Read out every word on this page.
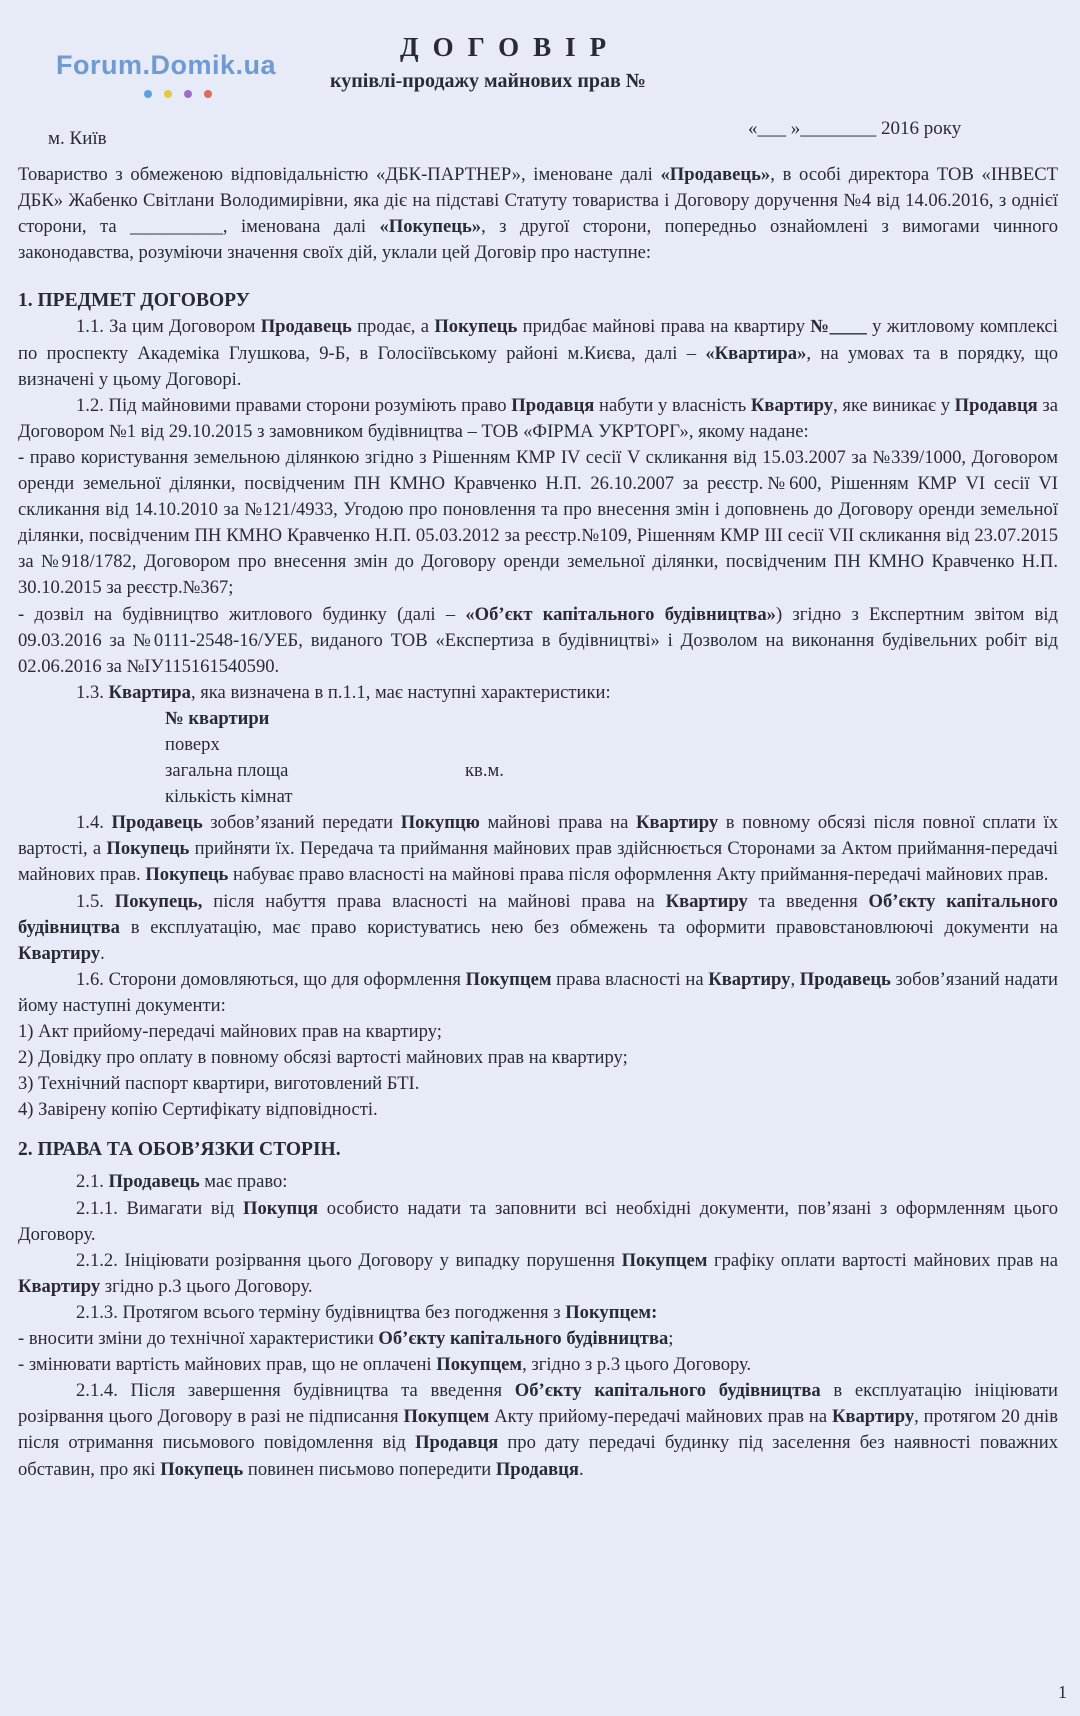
Forum.Domik.ua
ДОГОВІР
купівлі-продажу майнових прав №
м. Київ	«___ »________ 2016 року

Товариство з обмеженою відповідальністю «ДБК-ПАРТНЕР», іменоване далі «Продавець», в особі директора ТОВ «ІНВЕСТ ДБК» Жабенко Світлани Володимирівни, яка діє на підставі Статуту товариства і Договору доручення №4 від 14.06.2016, з однієї сторони, та __________, іменована далі «Покупець», з другої сторони, попередньо ознайомлені з вимогами чинного законодавства, розуміючи значення своїх дій, уклали цей Договір про наступне:

1. ПРЕДМЕТ ДОГОВОРУ

1.1. За цим Договором Продавець продає, а Покупець придбає майнові права на квартиру №____ у житловому комплексі по проспекту Академіка Глушкова, 9-Б, в Голосіївському районі м.Києва, далі – «Квартира», на умовах та в порядку, що визначені у цьому Договорі.

1.2. Під майновими правами сторони розуміють право Продавця набути у власність Квартиру, яке виникає у Продавця за Договором №1 від 29.10.2015 з замовником будівництва – ТОВ «ФІРМА УКРТОРГ», якому надане:

- право користування земельною ділянкою згідно з Рішенням КМР IV сесії V скликання від 15.03.2007 за №339/1000, Договором оренди земельної ділянки, посвідченим ПН КМНО Кравченко Н.П. 26.10.2007 за реєстр.№600, Рішенням КМР VI сесії VI скликання від 14.10.2010 за №121/4933, Угодою про поновлення та про внесення змін і доповнень до Договору оренди земельної ділянки, посвідченим ПН КМНО Кравченко Н.П. 05.03.2012 за реєстр.№109, Рішенням КМР III сесії VII скликання від 23.07.2015 за №918/1782, Договором про внесення змін до Договору оренди земельної ділянки, посвідченим ПН КМНО Кравченко Н.П. 30.10.2015 за реєстр.№367;

- дозвіл на будівництво житлового будинку (далі – «Об’єкт капітального будівництва») згідно з Експертним звітом від 09.03.2016 за №0111-2548-16/УЕБ, виданого ТОВ «Експертиза в будівництві» і Дозволом на виконання будівельних робіт від 02.06.2016 за №ІУ115161540590.

1.3. Квартира, яка визначена в п.1.1, має наступні характеристики:

№ квартири
поверх
загальна площа	кв.м.
кількість кімнат

1.4. Продавець зобов’язаний передати Покупцю майнові права на Квартиру в повному обсязі після повної сплати їх вартості, а Покупець прийняти їх. Передача та приймання майнових прав здійснюється Сторонами за Актом приймання-передачі майнових прав. Покупець набуває право власності на майнові права після оформлення Акту приймання-передачі майнових прав.

1.5. Покупець, після набуття права власності на майнові права на Квартиру та введення Об’єкту капітального будівництва в експлуатацію, має право користуватись нею без обмежень та оформити правовстановлюючі документи на Квартиру.

1.6. Сторони домовляються, що для оформлення Покупцем права власності на Квартиру, Продавець зобов’язаний надати йому наступні документи:

1) Акт прийому-передачі майнових прав на квартиру;

2) Довідку про оплату в повному обсязі вартості майнових прав на квартиру;

3) Технічний паспорт квартири, виготовлений БТІ.

4) Завірену копію Сертифікату відповідності.

2. ПРАВА ТА ОБОВ’ЯЗКИ СТОРІН.

2.1. Продавець має право:

2.1.1. Вимагати від Покупця особисто надати та заповнити всі необхідні документи, пов’язані з оформленням цього Договору.

2.1.2. Ініціювати розірвання цього Договору у випадку порушення Покупцем графіку оплати вартості майнових прав на Квартиру згідно р.3 цього Договору.

2.1.3. Протягом всього терміну будівництва без погодження з Покупцем:

- вносити зміни до технічної характеристики Об’єкту капітального будівництва;

- змінювати вартість майнових прав, що не оплачені Покупцем, згідно з р.3 цього Договору.

2.1.4. Після завершення будівництва та введення Об’єкту капітального будівництва в експлуатацію ініціювати розірвання цього Договору в разі не підписання Покупцем Акту прийому-передачі майнових прав на Квартиру, протягом 20 днів після отримання письмового повідомлення від Продавця про дату передачі будинку під заселення без наявності поважних обставин, про які Покупець повинен письмово попередити Продавця.

1
